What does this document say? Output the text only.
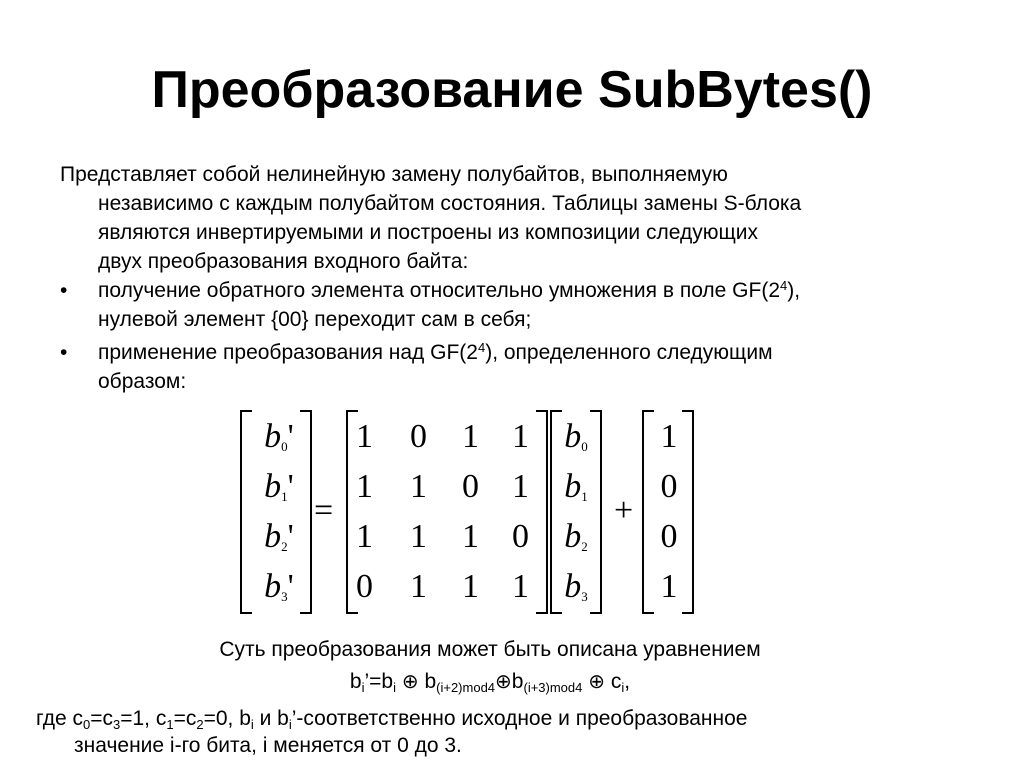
Преобразование SubBytes()

Представляет собой нелинейную замену полубайтов, выполняемую
независимо с каждым полубайтом состояния. Таблицы замены S-блока
являются инвертируемыми и построены из композиции следующих
двух преобразования входного байта:

•	получение обратного элемента относительно умножения в поле $GF(2^4)$,
нулевой элемент {00} переходит сам в себя;
•	применение преобразования над $GF(2^4)$, определенного следующим
образом:
$b_0'$
$b_1'$
$b_2'$
$b_3'$
=
1 0 1 1
1 1 0 1
1 1 1 0
0 1 1 1
$b_0$
$b_1$
$b_2$
$b_3$
+
1
0
0
1

Суть преобразования может быть описана уравнением

$b_i’=b_i$ ⊕ $b_{(i+2)mod4}\oplus b_{(i+3)mod4}$ ⊕ $c_i$,

где $c_0=c_3=1$, $c_1=c_2=0$, $b_i$ и $b_i$’-соответственно исходное и преобразованное
значение i-го бита, i меняется от 0 до 3.
